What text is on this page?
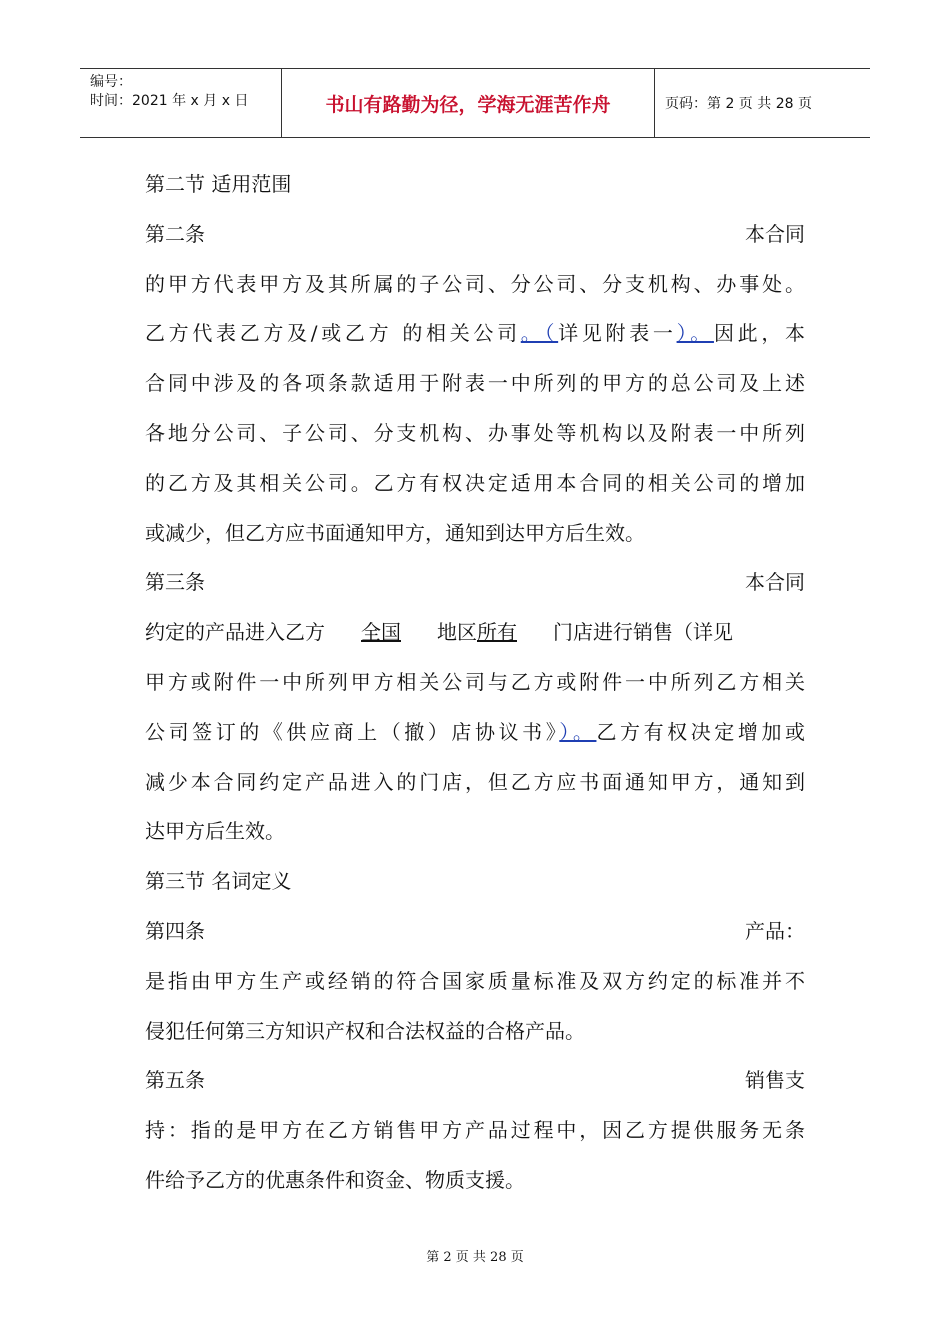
编号：
时间：2021 年 x 月 x 日	书山有路勤为径，学海无涯苦作舟	页码：第 2 页 共 28 页
第二节 适用范围
第二条	本合同
的甲方代表甲方及其所属的子公司、分公司、分支机构、办事处。
乙方代表乙方及/或乙方 的相关公司。（详见附表一）。因此，本
合同中涉及的各项条款适用于附表一中所列的甲方的总公司及上述
各地分公司、子公司、分支机构、办事处等机构以及附表一中所列
的乙方及其相关公司。乙方有权决定适用本合同的相关公司的增加
或减少，但乙方应书面通知甲方，通知到达甲方后生效。
第三条	本合同
约定的产品进入乙方 全国 地区所有 门店进行销售（详见
甲方或附件一中所列甲方相关公司与乙方或附件一中所列乙方相关
公司签订的《供应商上（撤）店协议书》）。乙方有权决定增加或
减少本合同约定产品进入的门店，但乙方应书面通知甲方，通知到
达甲方后生效。
第三节 名词定义
第四条	产品：
是指由甲方生产或经销的符合国家质量标准及双方约定的标准并不
侵犯任何第三方知识产权和合法权益的合格产品。
第五条	销售支
持：指的是甲方在乙方销售甲方产品过程中，因乙方提供服务无条
件给予乙方的优惠条件和资金、物质支援。
第 2 页 共 28 页
